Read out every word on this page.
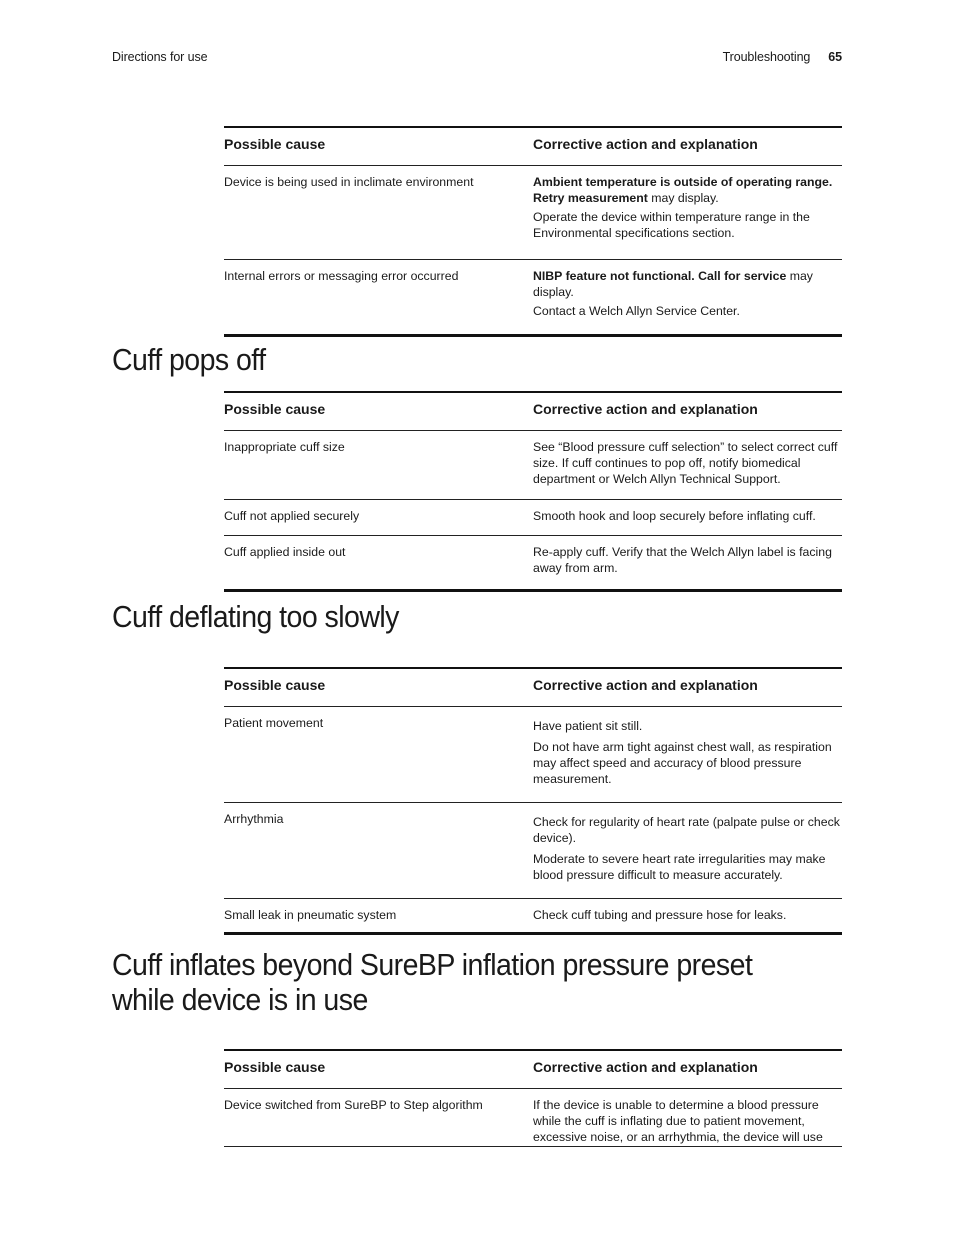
Directions for use	Troubleshooting 65
Possible cause	Corrective action and explanation
Device is being used in inclimate environment	Ambient temperature is outside of operating range. Retry measurement may display.

Operate the device within temperature range in the Environmental specifications section.

Internal errors or messaging error occurred	NIBP feature not functional. Call for service may display.

Contact a Welch Allyn Service Center.

Cuff pops off
Possible cause	Corrective action and explanation
Inappropriate cuff size	See “Blood pressure cuff selection” to select correct cuff size. If cuff continues to pop off, notify biomedical department or Welch Allyn Technical Support.
Cuff not applied securely	Smooth hook and loop securely before inflating cuff.
Cuff applied inside out	Re-apply cuff. Verify that the Welch Allyn label is facing away from arm.
Cuff deflating too slowly
Possible cause	Corrective action and explanation
Patient movement	Have patient sit still.

Do not have arm tight against chest wall, as respiration may affect speed and accuracy of blood pressure measurement.

Arrhythmia	Check for regularity of heart rate (palpate pulse or check device).

Moderate to severe heart rate irregularities may make blood pressure difficult to measure accurately.

Small leak in pneumatic system	Check cuff tubing and pressure hose for leaks.
Cuff inflates beyond SureBP inflation pressure preset
while device is in use
Possible cause	Corrective action and explanation
Device switched from SureBP to Step algorithm	If the device is unable to determine a blood pressure while the cuff is inflating due to patient movement, excessive noise, or an arrhythmia, the device will use
